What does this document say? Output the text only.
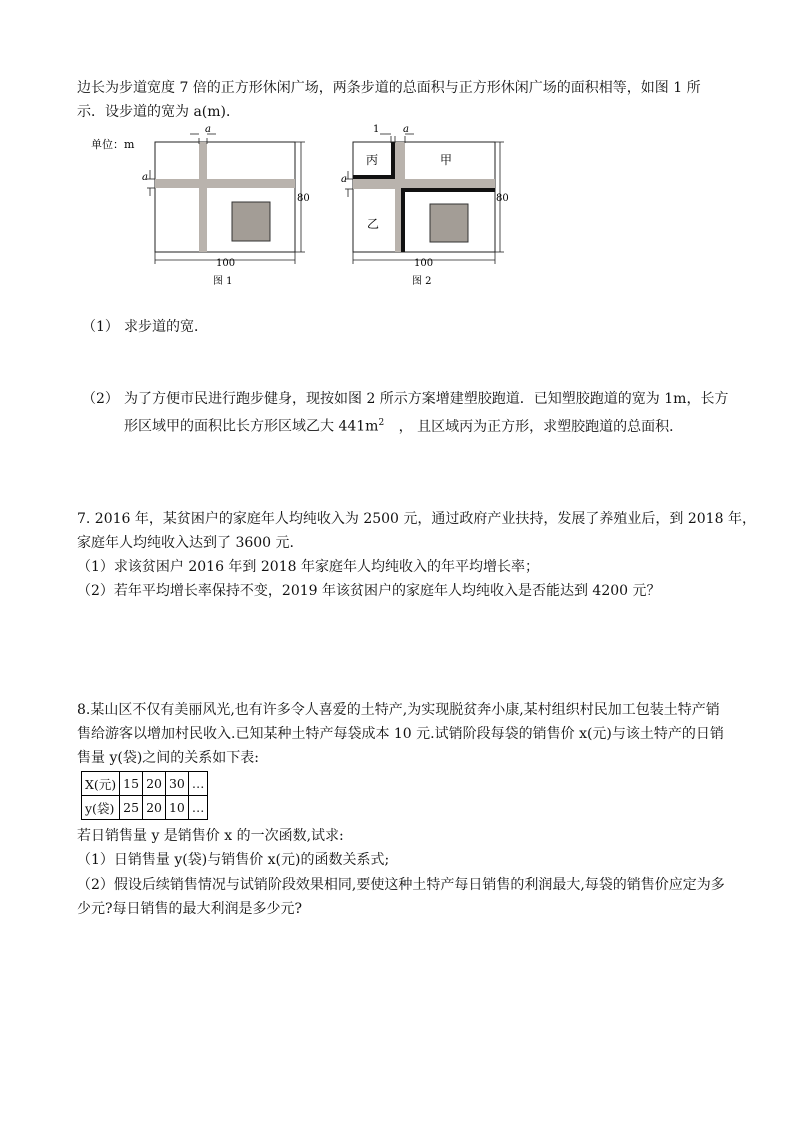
边长为步道宽度 7 倍的正方形休闲广场，两条步道的总面积与正方形休闲广场的面积相等，如图 1 所
示．设步道的宽为 a(m)．
单位：m
a
a
80
100
图 1
丙	甲
乙
1 a
a
80
100
图 2
（1） 求步道的宽．
（2） 为了方便市民进行跑步健身，现按如图 2 所示方案增建塑胶跑道．已知塑胶跑道的宽为 1m，长方
形区域甲的面积比长方形区域乙大 $441m^2$ ， 且区域丙为正方形，求塑胶跑道的总面积．
7. 2016 年，某贫困户的家庭年人均纯收入为 2500 元，通过政府产业扶持，发展了养殖业后，到 2018 年，
家庭年人均纯收入达到了 3600 元.
（1）求该贫困户 2016 年到 2018 年家庭年人均纯收入的年平均增长率；
（2）若年平均增长率保持不变，2019 年该贫困户的家庭年人均纯收入是否能达到 4200 元？
8.某山区不仅有美丽风光,也有许多令人喜爱的土特产,为实现脱贫奔小康,某村组织村民加工包装土特产销
售给游客以增加村民收入.已知某种土特产每袋成本 10 元.试销阶段每袋的销售价 x(元)与该土特产的日销
售量 y(袋)之间的关系如下表:
X(元)	15	20	30	…
y(袋)	25	20	10	…
若日销售量 y 是销售价 x 的一次函数,试求:
（1）日销售量 y(袋)与销售价 x(元)的函数关系式;
（2）假设后续销售情况与试销阶段效果相同,要使这种土特产每日销售的利润最大,每袋的销售价应定为多
少元?每日销售的最大利润是多少元?
